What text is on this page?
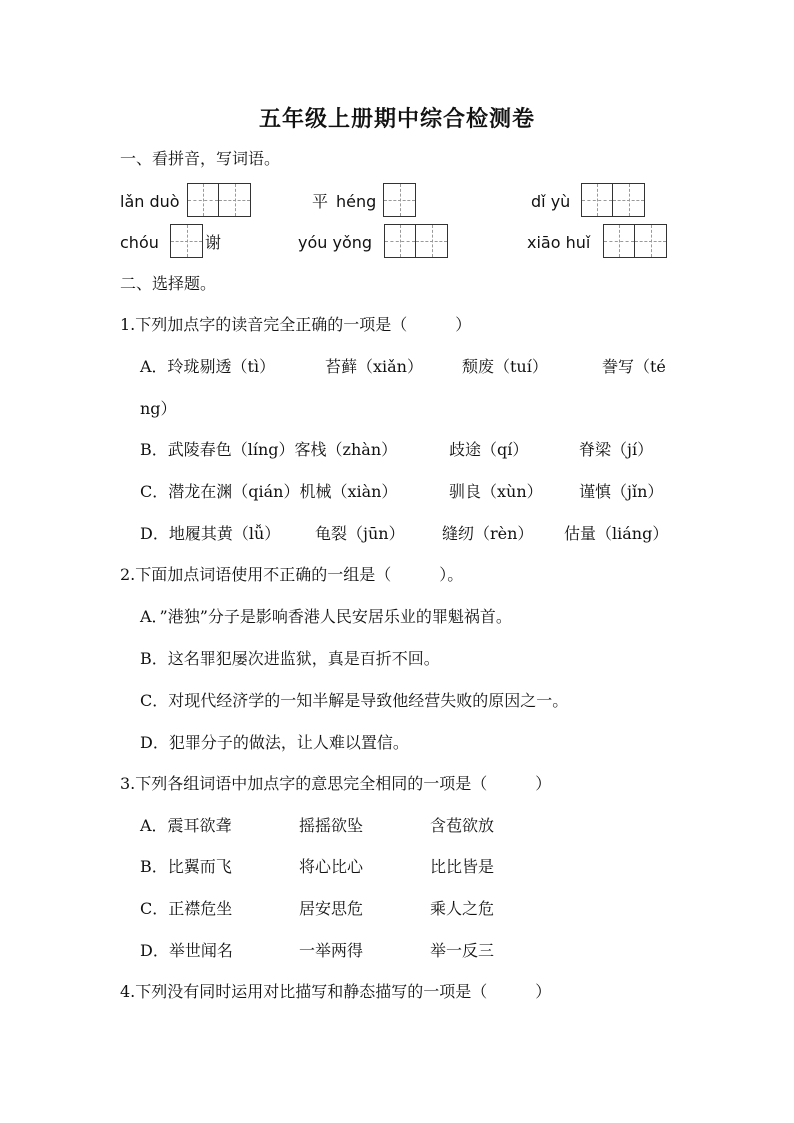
五年级上册期中综合检测卷
一、看拼音，写词语。
lǎn duò	平 héng	dǐ yù
chóu	谢	yóu yǒng	xiāo huǐ
二、选择题。
1.下列加点字的读音完全正确的一项是（　　　）
A．玲珑剔透（tì）	苔藓（xiǎn） 颓废（tuí）	誊写（té
ng）
B．武陵春色（líng）客栈（zhàn）	歧途（qí）	脊梁（jí）
C．潜龙在渊（qián）机械（xiàn）	驯良（xùn） 谨慎（jǐn）
D．地履其黄（lǚ） 龟裂（jūn） 缝纫（rèn） 估量（liáng）
2.下面加点词语使用不正确的一组是（　　　）。
A．”港独”分子是影响香港人民安居乐业的罪魁祸首。
B．这名罪犯屡次进监狱，真是百折不回。
C．对现代经济学的一知半解是导致他经营失败的原因之一。
D．犯罪分子的做法，让人难以置信。
3.下列各组词语中加点字的意思完全相同的一项是（　　　）
A．震耳欲聋	摇摇欲坠	含苞欲放
B．比翼而飞	将心比心	比比皆是
C．正襟危坐	居安思危	乘人之危
D．举世闻名	一举两得	举一反三
4.下列没有同时运用对比描写和静态描写的一项是（　　　）
